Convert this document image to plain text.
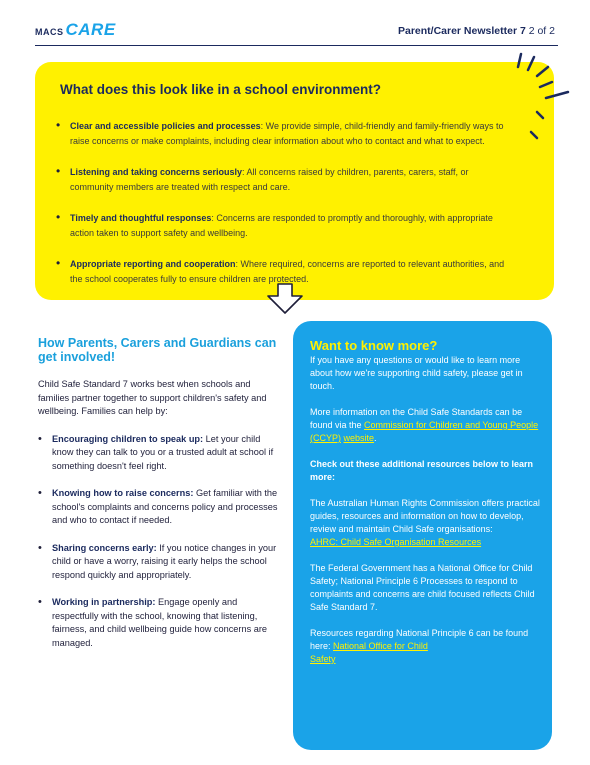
MACS CARE	Parent/Carer Newsletter 7 2 of 2
What does this look like in a school environment?
• Clear and accessible policies and processes: We provide simple, child-friendly and family-friendly ways to raise concerns or make complaints, including clear information about who to contact and what to expect.
• Listening and taking concerns seriously: All concerns raised by children, parents, carers, staff, or community members are treated with respect and care.
• Timely and thoughtful responses: Concerns are responded to promptly and thoroughly, with appropriate action taken to support safety and wellbeing.
• Appropriate reporting and cooperation: Where required, concerns are reported to relevant authorities, and the school cooperates fully to ensure children are protected.
How Parents, Carers and Guardians can get involved!

Child Safe Standard 7 works best when schools and families partner together to support children's safety and wellbeing. Families can help by:

• Encouraging children to speak up: Let your child know they can talk to you or a trusted adult at school if something doesn't feel right.
• Knowing how to raise concerns: Get familiar with the school's complaints and concerns policy and processes and who to contact if needed.
• Sharing concerns early: If you notice changes in your child or have a worry, raising it early helps the school respond quickly and appropriately.
• Working in partnership: Engage openly and respectfully with the school, knowing that listening, fairness, and child wellbeing guide how concerns are managed.
Want to know more?

If you have any questions or would like to learn more about how we're supporting child safety, please get in touch.

More information on the Child Safe Standards can be found via the Commission for Children and Young People (CCYP) website.

Check out these additional resources below to learn more:

The Australian Human Rights Commission offers practical guides, resources and information on how to develop, review and maintain Child Safe organisations:

AHRC: Child Safe Organisation Resources

The Federal Government has a National Office for Child Safety; National Principle 6 Processes to respond to complaints and concerns are child focused reflects Child Safe Standard 7.

Resources regarding National Principle 6 can be found here: National Office for Child
Safety
